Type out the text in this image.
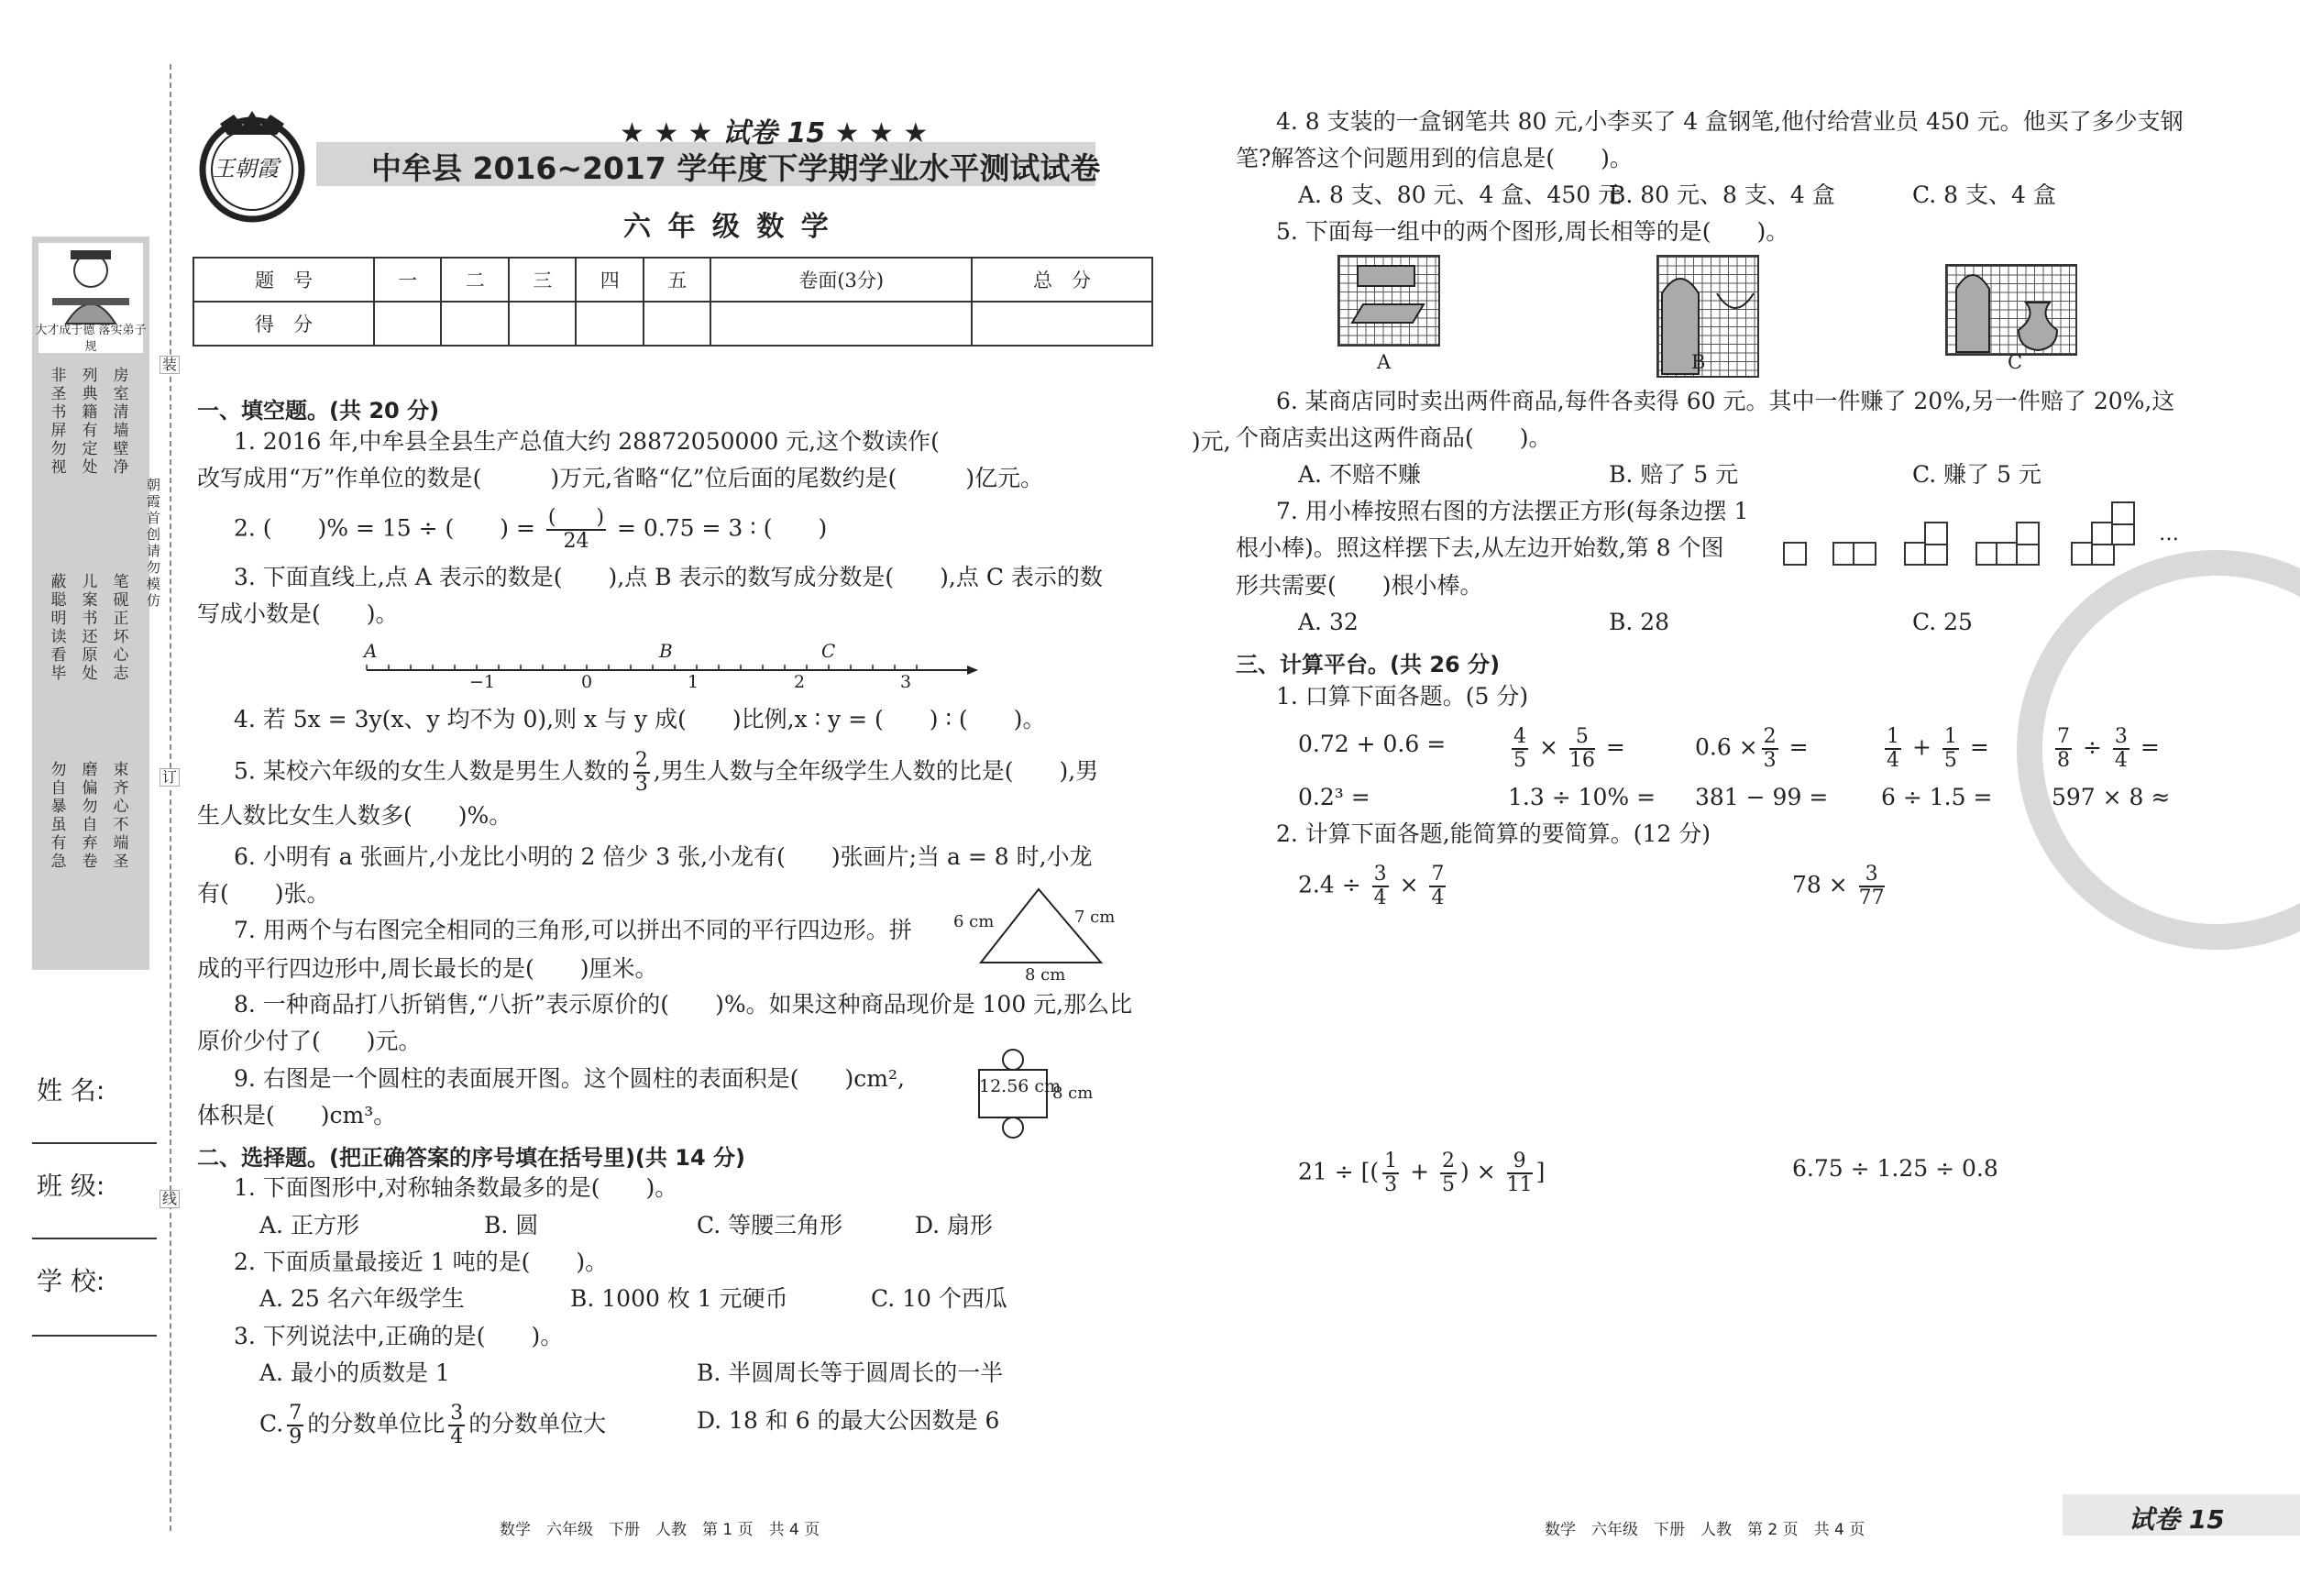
大才成于德 落实弟子规
非圣书屏勿视
列典籍有定处
房室清墙壁净
蔽聪明读看毕
儿案书还原处
笔砚正坏心志
勿自暴虽有急
磨偏勿自弃卷
束齐心不端圣
装
订
线
朝霞首创 请勿模仿
姓 名:
班 级:
学 校:
王朝霞
★ ★ ★ 试卷 15 ★ ★ ★
中牟县 2016~2017 学年度下学期学业水平测试试卷
六 年 级 数 学
题　号	一	二	三	四	五	卷面(3分)	总　分
得　分							
一、填空题。(共 20 分)
1. 2016 年,中牟县全县生产总值大约 28872050000 元,这个数读作(　　　　　　　　　　　)元,
改写成用“万”作单位的数是(　　　)万元,省略“亿”位后面的尾数约是(　　　)亿元。
2. (　　)% = 15 ÷ (　　) = $\frac{( )}{24} = 0.75 = 3$ ∶ (　　)
3. 下面直线上,点 A 表示的数是(　　),点 B 表示的数写成分数是(　　),点 C 表示的数
写成小数是(　　)。
A	B	C
−1	0	1	2	3
4. 若 5x = 3y(x、y 均不为 0),则 x 与 y 成(　　)比例,x ∶ y = (　　) ∶ (　　)。
5. 某校六年级的女生人数是男生人数的 $\frac{2}{3}$ ,男生人数与全年级学生人数的比是(　　),男
生人数比女生人数多(　　)%。
6. 小明有 a 张画片,小龙比小明的 2 倍少 3 张,小龙有(　　)张画片;当 a = 8 时,小龙
有(　　)张。
7. 用两个与右图完全相同的三角形,可以拼出不同的平行四边形。拼
成的平行四边形中,周长最长的是(　　)厘米。
6 cm	7 cm
8 cm
8. 一种商品打八折销售,“八折”表示原价的(　　)%。如果这种商品现价是 100 元,那么比
原价少付了(　　)元。
9. 右图是一个圆柱的表面展开图。这个圆柱的表面积是(　　)cm²,
体积是(　　)cm³。
12.56 cm
8 cm
二、选择题。(把正确答案的序号填在括号里)(共 14 分)
1. 下面图形中,对称轴条数最多的是(　　)。
A. 正方形	B. 圆	C. 等腰三角形	D. 扇形
2. 下面质量最接近 1 吨的是(　　)。
A. 25 名六年级学生	B. 1000 枚 1 元硬币	C. 10 个西瓜
3. 下列说法中,正确的是(　　)。
A. 最小的质数是 1	B. 半圆周长等于圆周长的一半
C. $\frac{7}{9}$ 的分数单位比 $\frac{3}{4}$ 的分数单位大	D. 18 和 6 的最大公因数是 6
数学　六年级　下册　人教　第 1 页　共 4 页
4. 8 支装的一盒钢笔共 80 元,小李买了 4 盒钢笔,他付给营业员 450 元。他买了多少支钢
笔?解答这个问题用到的信息是(　　)。
A. 8 支、80 元、4 盒、450 元
B. 80 元、8 支、4 盒	C. 8 支、4 盒
5. 下面每一组中的两个图形,周长相等的是(　　)。
A	B	C
6. 某商店同时卖出两件商品,每件各卖得 60 元。其中一件赚了 20%,另一件赔了 20%,这
个商店卖出这两件商品(　　)。
A. 不赔不赚	B. 赔了 5 元	C. 赚了 5 元
7. 用小棒按照右图的方法摆正方形(每条边摆 1
根小棒)。照这样摆下去,从左边开始数,第 8 个图
形共需要(　　)根小棒。
…
A. 32	B. 28	C. 25
三、计算平台。(共 26 分)
1. 口算下面各题。(5 分)
0.72 + 0.6 =	$\frac{4}{5} \times \frac{5}{16}$ =	$0.6 \times \frac{2}{3}$ =	$\frac{1}{4} + \frac{1}{5}$ =	$\frac{7}{8} \div \frac{3}{4}$ =
0.2³ =	1.3 ÷ 10% = 381 − 99 = 6 ÷ 1.5 =	597 × 8 ≈
2. 计算下面各题,能简算的要简算。(12 分)
$2.4 \div \frac{3}{4} \times \frac{7}{4}$	$78 \times \frac{3}{77}$
21 ÷ [( $\frac{1}{3} + \frac{2}{5}$ ) × $\frac{9}{11}$ ]	6.75 ÷ 1.25 ÷ 0.8
数学　六年级　下册　人教　第 2 页　共 4 页	试卷 15
